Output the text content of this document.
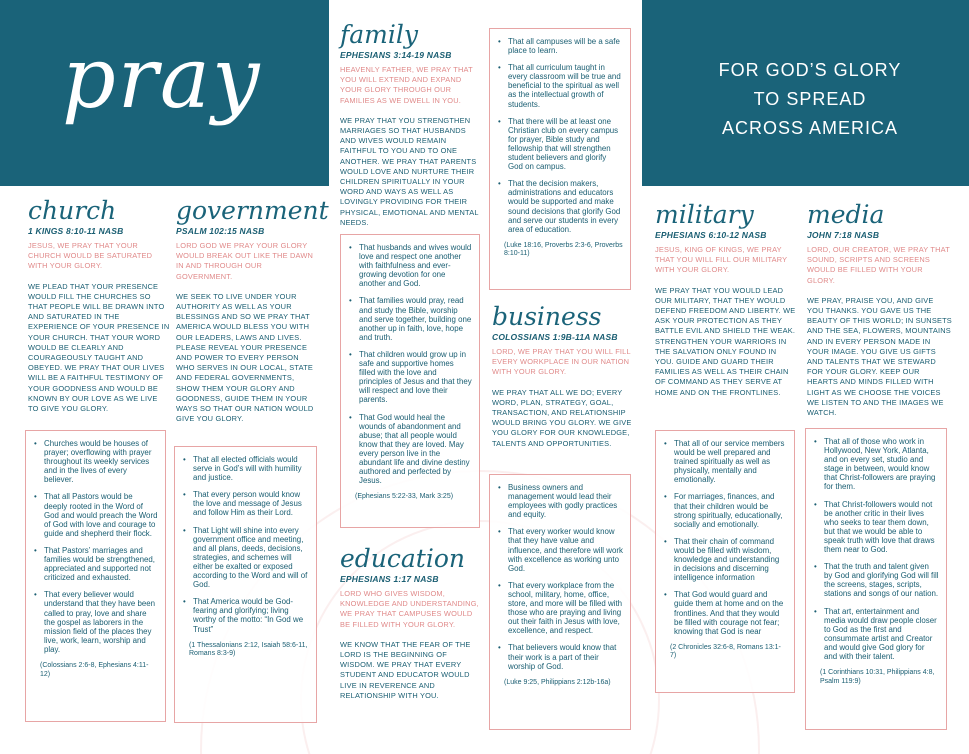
pray	FOR GOD’S GLORY
TO SPREAD
ACROSS AMERICA
church
1 KINGS 8:10-11 NASB
JESUS, WE PRAY THAT YOUR CHURCH WOULD BE SATURATED WITH YOUR GLORY.
WE PLEAD THAT YOUR PRESENCE WOULD FILL THE CHURCHES SO THAT PEOPLE WILL BE DRAWN INTO AND SATURATED IN THE EXPERIENCE OF YOUR PRESENCE IN YOUR CHURCH. THAT YOUR WORD WOULD BE CLEARLY AND COURAGEOUSLY TAUGHT AND OBEYED. WE PRAY THAT OUR LIVES WILL BE A FAITHFUL TESTIMONY OF YOUR GOODNESS AND WOULD BE KNOWN BY OUR LOVE AS WE LIVE TO GIVE YOU GLORY.
• Churches would be houses of prayer; overflowing with prayer throughout its weekly services and in the lives of every believer.
• That all Pastors would be deeply rooted in the Word of God and would preach the Word of God with love and courage to guide and shepherd their flock.
• That Pastors’ marriages and families would be strengthened, appreciated and supported not criticized and exhausted.
• That every believer would understand that they have been called to pray, love and share the gospel as laborers in the mission field of the places they live, work, learn, worship and play.
(Colossians 2:6-8, Ephesians 4:11-12)
government
PSALM 102:15 NASB
LORD GOD WE PRAY YOUR GLORY WOULD BREAK OUT LIKE THE DAWN IN AND THROUGH OUR GOVERNMENT.
WE SEEK TO LIVE UNDER YOUR AUTHORITY AS WELL AS YOUR BLESSINGS AND SO WE PRAY THAT AMERICA WOULD BLESS YOU WITH OUR LEADERS, LAWS AND LIVES. PLEASE REVEAL YOUR PRESENCE AND POWER TO EVERY PERSON WHO SERVES IN OUR LOCAL, STATE AND FEDERAL GOVERNMENTS, SHOW THEM YOUR GLORY AND GOODNESS, GUIDE THEM IN YOUR WAYS SO THAT OUR NATION WOULD GIVE YOU GLORY.
• That all elected officials would serve in God’s will with humility and justice.
• That every person would know the love and message of Jesus and follow Him as their Lord.
• That Light will shine into every government office and meeting, and all plans, deeds, decisions, strategies, and schemes will either be exalted or exposed according to the Word and will of God.
• That America would be God-fearing and glorifying; living worthy of the motto: “In God we Trust”
(1 Thessalonians 2:12, Isaiah 58:6-11, Romans 8:3-9)
family
EPHESIANS 3:14-19 NASB
HEAVENLY FATHER, WE PRAY THAT YOU WILL EXTEND AND EXPAND YOUR GLORY THROUGH OUR FAMILIES AS WE DWELL IN YOU.
WE PRAY THAT YOU STRENGTHEN MARRIAGES SO THAT HUSBANDS AND WIVES WOULD REMAIN FAITHFUL TO YOU AND TO ONE ANOTHER. WE PRAY THAT PARENTS WOULD LOVE AND NURTURE THEIR CHILDREN SPIRITUALLY IN YOUR WORD AND WAYS AS WELL AS LOVINGLY PROVIDING FOR THEIR PHYSICAL, EMOTIONAL AND MENTAL NEEDS.
• That husbands and wives would love and respect one another with faithfulness and ever-growing devotion for one another and God.
• That families would pray, read and study the Bible, worship and serve together, building one another up in faith, love, hope and truth.
• That children would grow up in safe and supportive homes filled with the love and principles of Jesus and that they will respect and love their parents.
• That God would heal the wounds of abandonment and abuse; that all people would know that they are loved. May every person live in the abundant life and divine destiny authored and perfected by Jesus.
(Ephesians 5:22-33, Mark 3:25)
education
EPHESIANS 1:17 NASB
LORD WHO GIVES WISDOM, KNOWLEDGE AND UNDERSTANDING, WE PRAY THAT CAMPUSES WOULD BE FILLED WITH YOUR GLORY.
WE KNOW THAT THE FEAR OF THE LORD IS THE BEGINNING OF WISDOM. WE PRAY THAT EVERY STUDENT AND EDUCATOR WOULD LIVE IN REVERENCE AND RELATIONSHIP WITH YOU.
• That all campuses will be a safe place to learn.
• That all curriculum taught in every classroom will be true and beneficial to the spiritual as well as the intellectual growth of students.
• That there will be at least one Christian club on every campus for prayer, Bible study and fellowship that will strengthen student believers and glorify God on campus.
• That the decision makers, administrations and educators would be supported and make sound decisions that glorify God and serve our students in every area of education.
(Luke 18:16, Proverbs 2:3-6, Proverbs 8:10-11)
business
COLOSSIANS 1:9B-11A NASB
LORD, WE PRAY THAT YOU WILL FILL EVERY WORKPLACE IN OUR NATION WITH YOUR GLORY.
WE PRAY THAT ALL WE DO; EVERY WORD, PLAN, STRATEGY, GOAL, TRANSACTION, AND RELATIONSHIP WOULD BRING YOU GLORY. WE GIVE YOU GLORY FOR OUR KNOWLEDGE, TALENTS AND OPPORTUNITIES.
• Business owners and management would lead their employees with godly practices and equity.
• That every worker would know that they have value and influence, and therefore will work with excellence as working unto God.
• That every workplace from the school, military, home, office, store, and more will be filled with those who are praying and living out their faith in Jesus with love, excellence, and respect.
• That believers would know that their work is a part of their worship of God.
(Luke 9:25, Philippians 2:12b-16a)
military
EPHESIANS 6:10-12 NASB
JESUS, KING OF KINGS, WE PRAY THAT YOU WILL FILL OUR MILITARY WITH YOUR GLORY.
WE PRAY THAT YOU WOULD LEAD OUR MILITARY, THAT THEY WOULD DEFEND FREEDOM AND LIBERTY. WE ASK YOUR PROTECTION AS THEY BATTLE EVIL AND SHIELD THE WEAK. STRENGTHEN YOUR WARRIORS IN THE SALVATION ONLY FOUND IN YOU. GUIDE AND GUARD THEIR FAMILIES AS WELL AS THEIR CHAIN OF COMMAND AS THEY SERVE AT HOME AND ON THE FRONTLINES.
• That all of our service members would be well prepared and trained spiritually as well as physically, mentally and emotionally.
• For marriages, finances, and that their children would be strong spiritually, educationally, socially and emotionally.
• That their chain of command would be filled with wisdom, knowledge and understanding in decisions and discerning intelligence information
• That God would guard and guide them at home and on the frontlines. And that they would be filled with courage not fear; knowing that God is near
(2 Chronicles 32:6-8, Romans 13:1-7)
media
JOHN 7:18 NASB
LORD, OUR CREATOR, WE PRAY THAT SOUND, SCRIPTS AND SCREENS WOULD BE FILLED WITH YOUR GLORY.
WE PRAY, PRAISE YOU, AND GIVE YOU THANKS. YOU GAVE US THE BEAUTY OF THIS WORLD; IN SUNSETS AND THE SEA, FLOWERS, MOUNTAINS AND IN EVERY PERSON MADE IN YOUR IMAGE. YOU GIVE US GIFTS AND TALENTS THAT WE STEWARD FOR YOUR GLORY. KEEP OUR HEARTS AND MINDS FILLED WITH LIGHT AS WE CHOOSE THE VOICES WE LISTEN TO AND THE IMAGES WE WATCH.
• That all of those who work in Hollywood, New York, Atlanta, and on every set, studio and stage in between, would know that Christ-followers are praying for them.
• That Christ-followers would not be another critic in their lives who seeks to tear them down, but that we would be able to speak truth with love that draws them near to God.
• That the truth and talent given by God and glorifying God will fill the screens, stages, scripts, stations and songs of our nation.
• That art, entertainment and media would draw people closer to God as the first and consummate artist and Creator and would give God glory for and with their talent.
(1 Corinthians 10:31, Philippians 4:8, Psalm 119:9)
